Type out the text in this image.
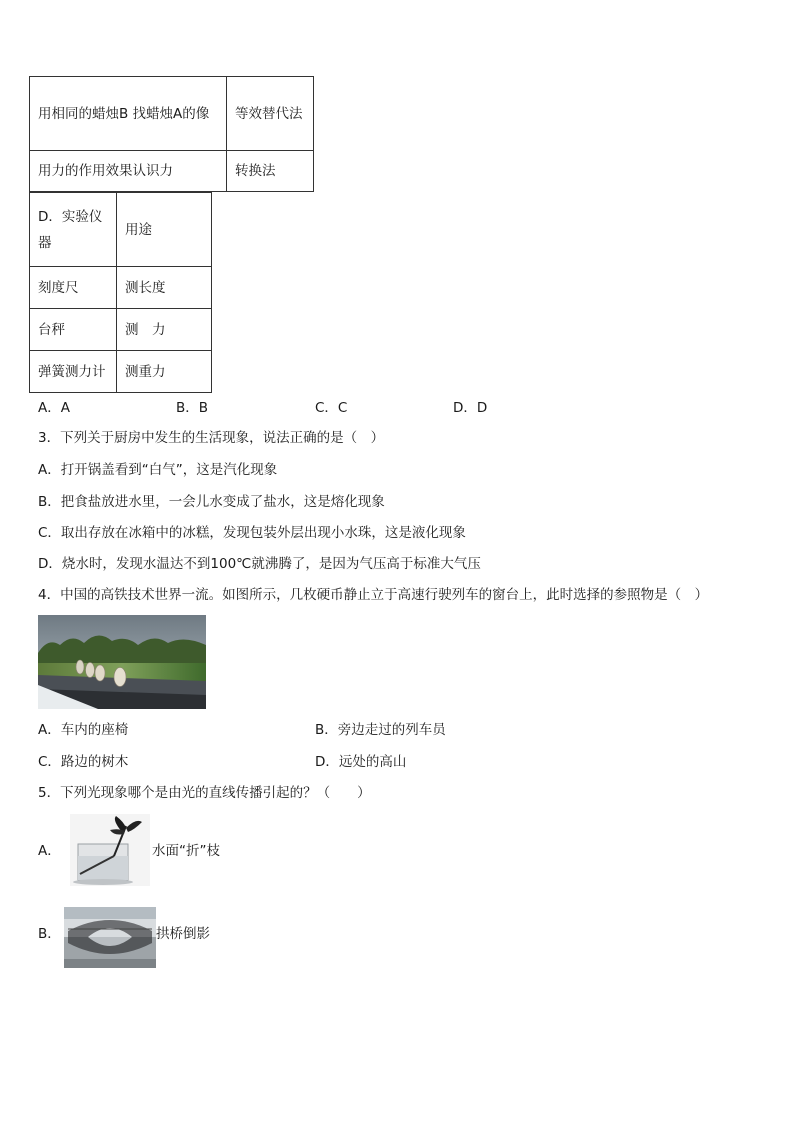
用相同的蜡烛B 找蜡烛A的像	等效替代法
用力的作用效果认识力	转换法
D．实验仪器	用途
刻度尺	测长度
台秤	测　力
弹簧测力计	测重力
A．A	B．B	C．C	D．D
3．下列关于厨房中发生的生活现象，说法正确的是（　）
A．打开锅盖看到“白气”，这是汽化现象
B．把食盐放进水里，一会儿水变成了盐水，这是熔化现象
C．取出存放在冰箱中的冰糕，发现包装外层出现小水珠，这是液化现象
D．烧水时，发现水温达不到100℃就沸腾了，是因为气压高于标准大气压
4．中国的高铁技术世界一流。如图所示，几枚硬币静止立于高速行驶列车的窗台上，此时选择的参照物是（　）
A．车内的座椅	B．旁边走过的列车员
C．路边的树木	D．远处的高山
5．下列光现象哪个是由光的直线传播引起的？（　　）
A．	水面“折”枝
B．	拱桥倒影
